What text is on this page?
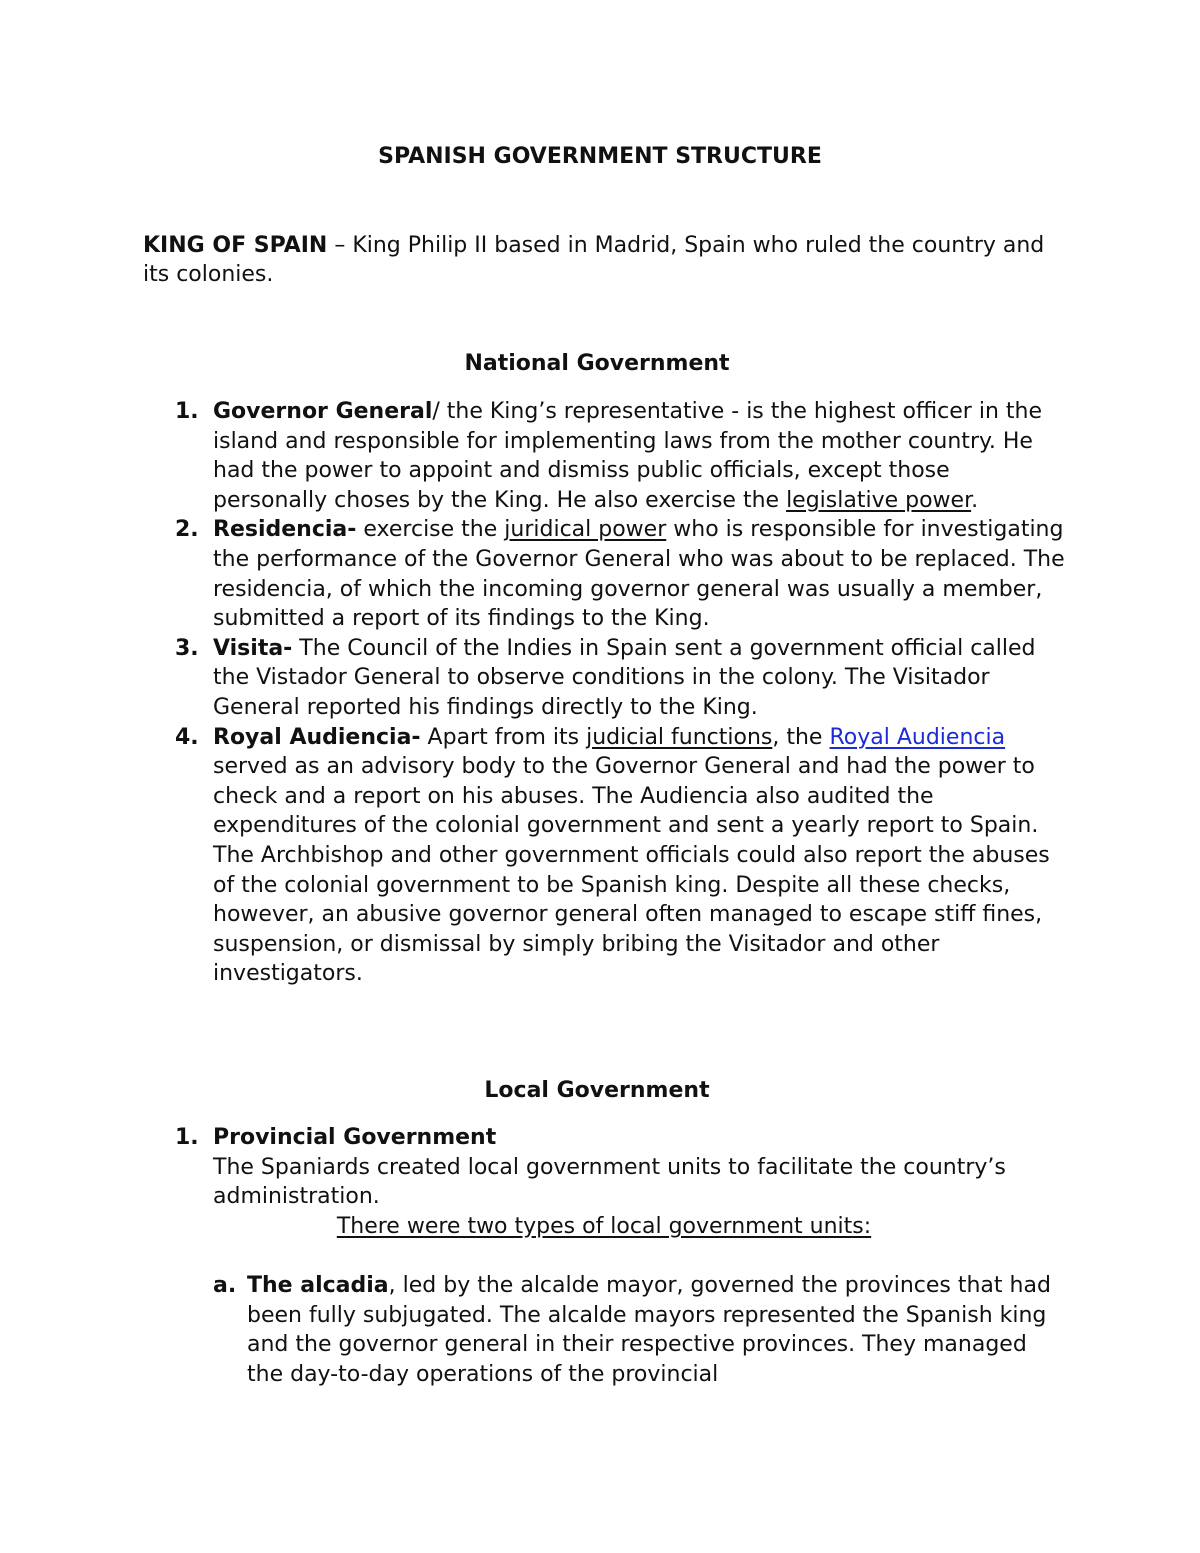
SPANISH GOVERNMENT STRUCTURE
KING OF SPAIN – King Philip II based in Madrid, Spain who ruled the country and its colonies.
National Government
1. Governor General/ the King’s representative - is the highest officer in the island and responsible for implementing laws from the mother country. He had the power to appoint and dismiss public officials, except those personally choses by the King. He also exercise the legislative power.
2. Residencia- exercise the juridical power who is responsible for investigating the performance of the Governor General who was about to be replaced. The residencia, of which the incoming governor general was usually a member, submitted a report of its findings to the King.
3. Visita- The Council of the Indies in Spain sent a government official called the Vistador General to observe conditions in the colony. The Visitador General reported his findings directly to the King.
4. Royal Audiencia- Apart from its judicial functions, the Royal Audiencia served as an advisory body to the Governor General and had the power to check and a report on his abuses. The Audiencia also audited the expenditures of the colonial government and sent a yearly report to Spain. The Archbishop and other government officials could also report the abuses of the colonial government to be Spanish king. Despite all these checks, however, an abusive governor general often managed to escape stiff fines, suspension, or dismissal by simply bribing the Visitador and other investigators.
Local Government
1. Provincial Government
The Spaniards created local government units to facilitate the country’s administration.
There were two types of local government units:
a. The alcadia, led by the alcalde mayor, governed the provinces that had been fully subjugated. The alcalde mayors represented the Spanish king and the governor general in their respective provinces. They managed the day-to-day operations of the provincial
